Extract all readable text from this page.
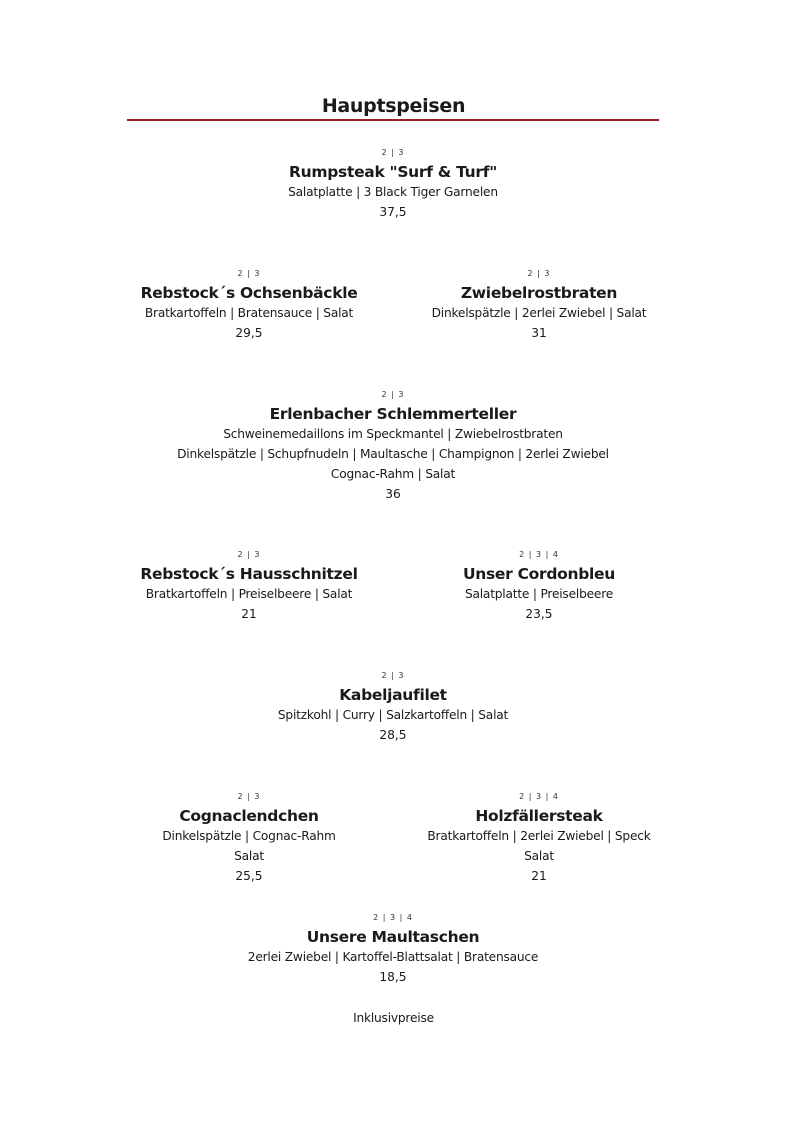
Hauptspeisen
2 | 3
Rumpsteak "Surf & Turf"
Salatplatte | 3 Black Tiger Garnelen
37,5
2 | 3
Rebstock´s Ochsenbäckle
Bratkartoffeln | Bratensauce | Salat
29,5
2 | 3
Zwiebelrostbraten
Dinkelspätzle | 2erlei Zwiebel | Salat
31
2 | 3
Erlenbacher Schlemmerteller
Schweinemedaillons im Speckmantel | Zwiebelrostbraten
Dinkelspätzle | Schupfnudeln | Maultasche | Champignon | 2erlei Zwiebel
Cognac-Rahm | Salat
36
2 | 3
Rebstock´s Hausschnitzel
Bratkartoffeln | Preiselbeere | Salat
21
2 | 3 | 4
Unser Cordonbleu
Salatplatte | Preiselbeere
23,5
2 | 3
Kabeljaufilet
Spitzkohl | Curry | Salzkartoffeln | Salat
28,5
2 | 3
Cognaclendchen
Dinkelspätzle | Cognac-Rahm
Salat
25,5
2 | 3 | 4
Holzfällersteak
Bratkartoffeln | 2erlei Zwiebel | Speck
Salat
21
2 | 3 | 4
Unsere Maultaschen
2erlei Zwiebel | Kartoffel-Blattsalat | Bratensauce
18,5
Inklusivpreise
